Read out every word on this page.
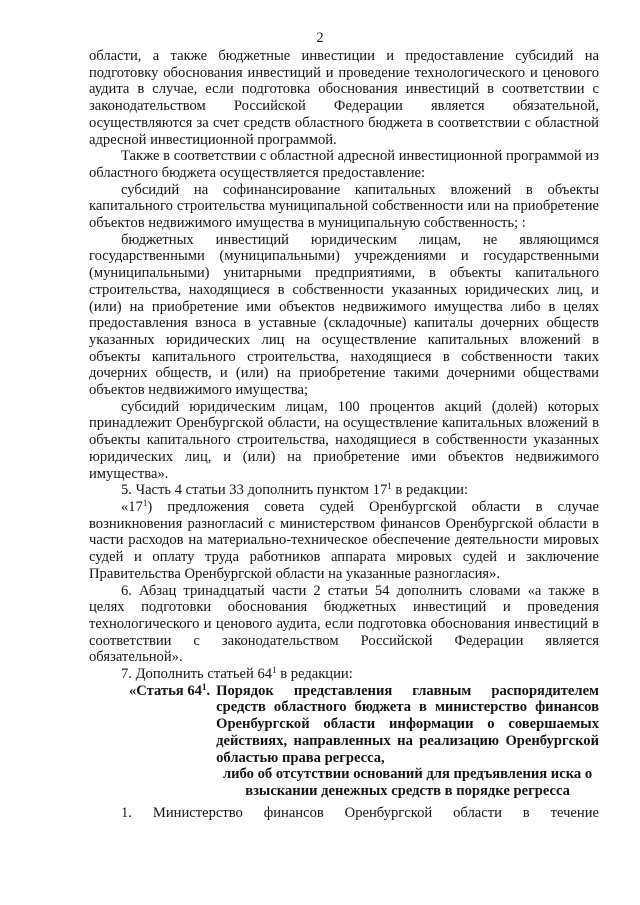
2

области, а также бюджетные инвестиции и предоставление субсидий на подготовку обоснования инвестиций и проведение технологического и ценового аудита в случае, если подготовка обоснования инвестиций в соответствии с законодательством Российской Федерации является обязательной, осуществляются за счет средств областного бюджета в соответствии с областной адресной инвестиционной программой.

Также в соответствии с областной адресной инвестиционной программой из областного бюджета осуществляется предоставление:

субсидий на софинансирование капитальных вложений в объекты капитального строительства муниципальной собственности или на приобретение объектов недвижимого имущества в муниципальную собственность; :

бюджетных инвестиций юридическим лицам, не являющимся государственными (муниципальными) учреждениями и государственными (муниципальными) унитарными предприятиями, в объекты капитального строительства, находящиеся в собственности указанных юридических лиц, и (или) на приобретение ими объектов недвижимого имущества либо в целях предоставления взноса в уставные (складочные) капиталы дочерних обществ указанных юридических лиц на осуществление капитальных вложений в объекты капитального строительства, находящиеся в собственности таких дочерних обществ, и (или) на приобретение такими дочерними обществами объектов недвижимого имущества;

субсидий юридическим лицам, 100 процентов акций (долей) которых принадлежит Оренбургской области, на осуществление капитальных вложений в объекты капитального строительства, находящиеся в собственности указанных юридических лиц, и (или) на приобретение ими объектов недвижимого имущества».

5. Часть 4 статьи 33 дополнить пунктом $17^1$ в редакции:

«$17^1$) предложения совета судей Оренбургской области в случае возникновения разногласий с министерством финансов Оренбургской области в части расходов на материально-техническое обеспечение деятельности мировых судей и оплату труда работников аппарата мировых судей и заключение Правительства Оренбургской области на указанные разногласия».

6. Абзац тринадцатый части 2 статьи 54 дополнить словами «а также в целях подготовки обоснования бюджетных инвестиций и проведения технологического и ценового аудита, если подготовка обоснования инвестиций в соответствии с законодательством Российской Федерации является обязательной».

7. Дополнить статьей $64^1$ в редакции:

«Статья $64^1$. Порядок представления главным распорядителем средств областного бюджета в министерство финансов Оренбургской области информации о совершаемых действиях, направленных на реализацию Оренбургской областью права регресса,
либо об отсутствии оснований для предъявления иска о взыскании денежных средств в порядке регресса

1. Министерство финансов Оренбургской области в течение
